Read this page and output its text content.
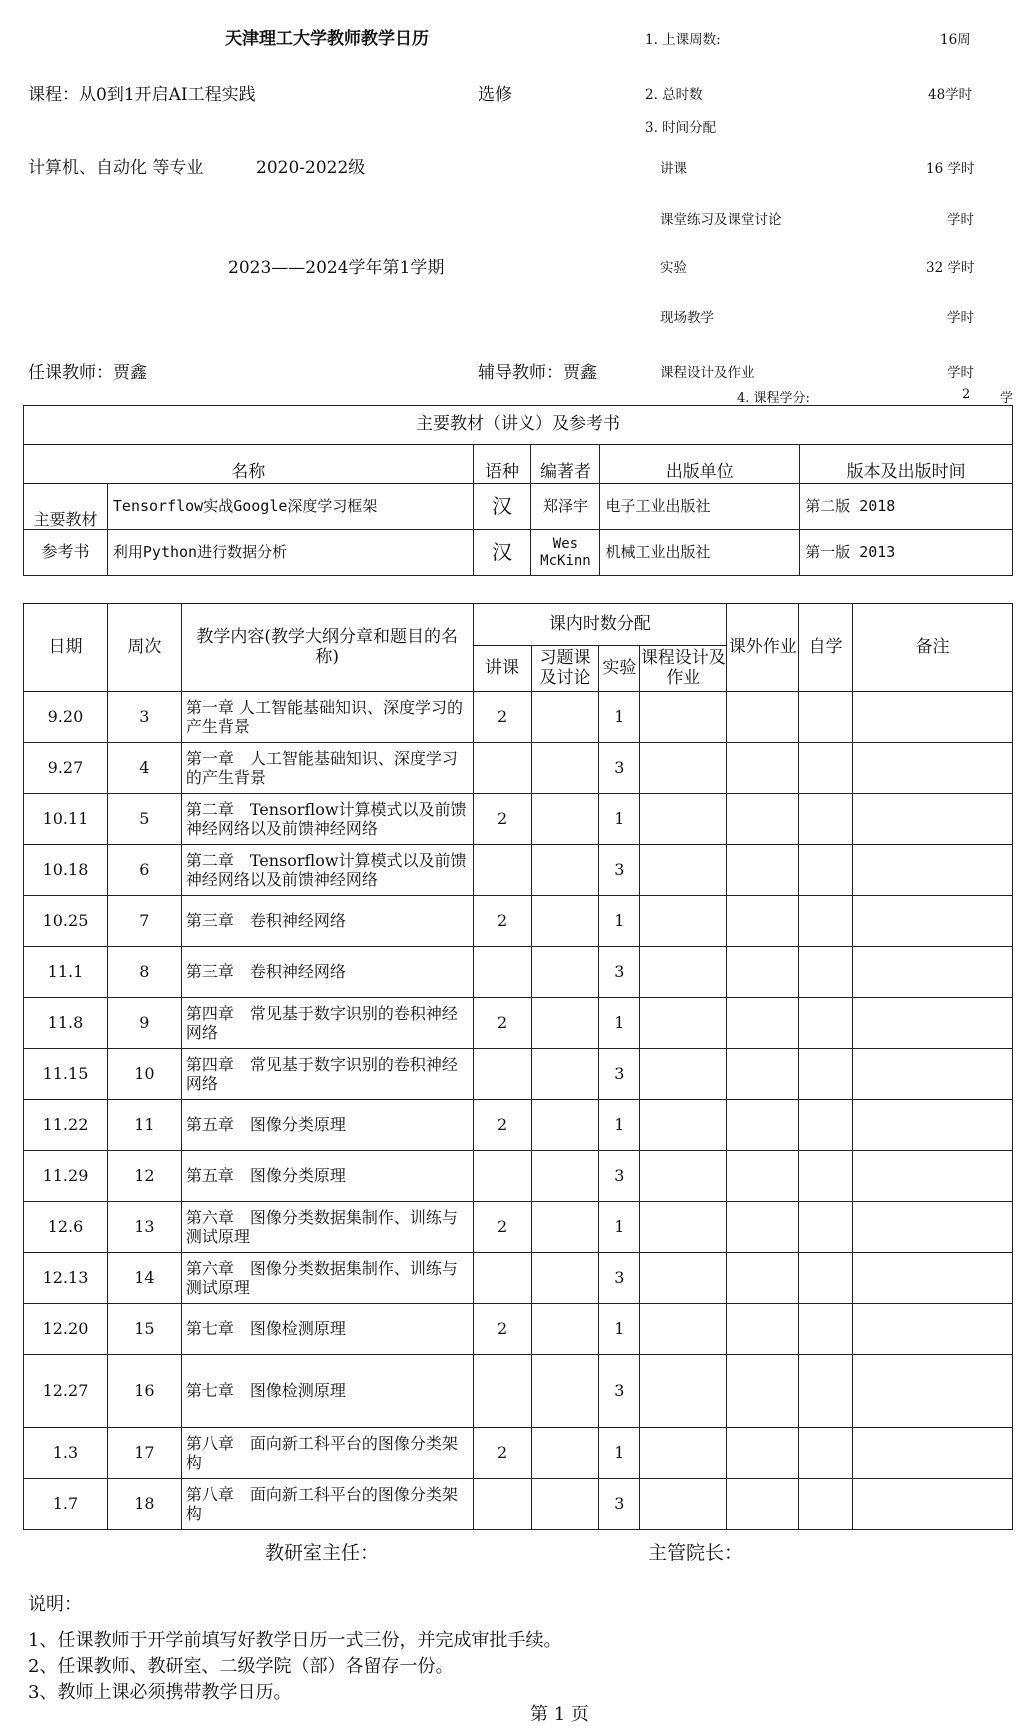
天津理工大学教师教学日历
课程：从0到1开启AI工程实践	选修
计算机、自动化 等专业	2020-2022级
2023——2024学年第1学期
任课教师：贾鑫	辅导教师：贾鑫
1. 上课周数:	16周
2. 总时数	48学时
3. 时间分配
讲课	16 学时
课堂练习及课堂讨论	学时
实验	32 学时
现场教学	学时
课程设计及作业	学时
4. 课程学分:	2 学
主要教材（讲义）及参考书					
名称		语种	编著者	出版单位	版本及出版时间
主要教材	Tensorflow实战Google深度学习框架	汉	郑泽宇	电子工业出版社	第二版 2018
参考书	利用Python进行数据分析	汉	Wes McKinn	机械工业出版社	第一版 2013
日期	周次	教学内容(教学大纲分章和题目的名称)	课内时数分配				课外作业	自学	备注
			讲课	习题课及讨论	实验	课程设计及作业			
9.20	3	第一章 人工智能基础知识、深度学习的产生背景	2		1				
9.27	4	第一章　人工智能基础知识、深度学习的产生背景			3				
10.11	5	第二章　Tensorflow计算模式以及前馈神经网络以及前馈神经网络	2		1				
10.18	6	第二章　Tensorflow计算模式以及前馈神经网络以及前馈神经网络			3				
10.25	7	第三章　卷积神经网络	2		1				
11.1	8	第三章　卷积神经网络			3				
11.8	9	第四章　常见基于数字识别的卷积神经网络	2		1				
11.15	10	第四章　常见基于数字识别的卷积神经网络			3				
11.22	11	第五章　图像分类原理	2		1				
11.29	12	第五章　图像分类原理			3				
12.6	13	第六章　图像分类数据集制作、训练与测试原理	2		1				
12.13	14	第六章　图像分类数据集制作、训练与测试原理			3				
12.20	15	第七章　图像检测原理	2		1				
12.27	16	第七章　图像检测原理			3				
1.3	17	第八章　面向新工科平台的图像分类架构	2		1				
1.7	18	第八章　面向新工科平台的图像分类架构			3				
教研室主任：	主管院长：
说明：
1、任课教师于开学前填写好教学日历一式三份，并完成审批手续。
2、任课教师、教研室、二级学院（部）各留存一份。
3、教师上课必须携带教学日历。
第 1 页
